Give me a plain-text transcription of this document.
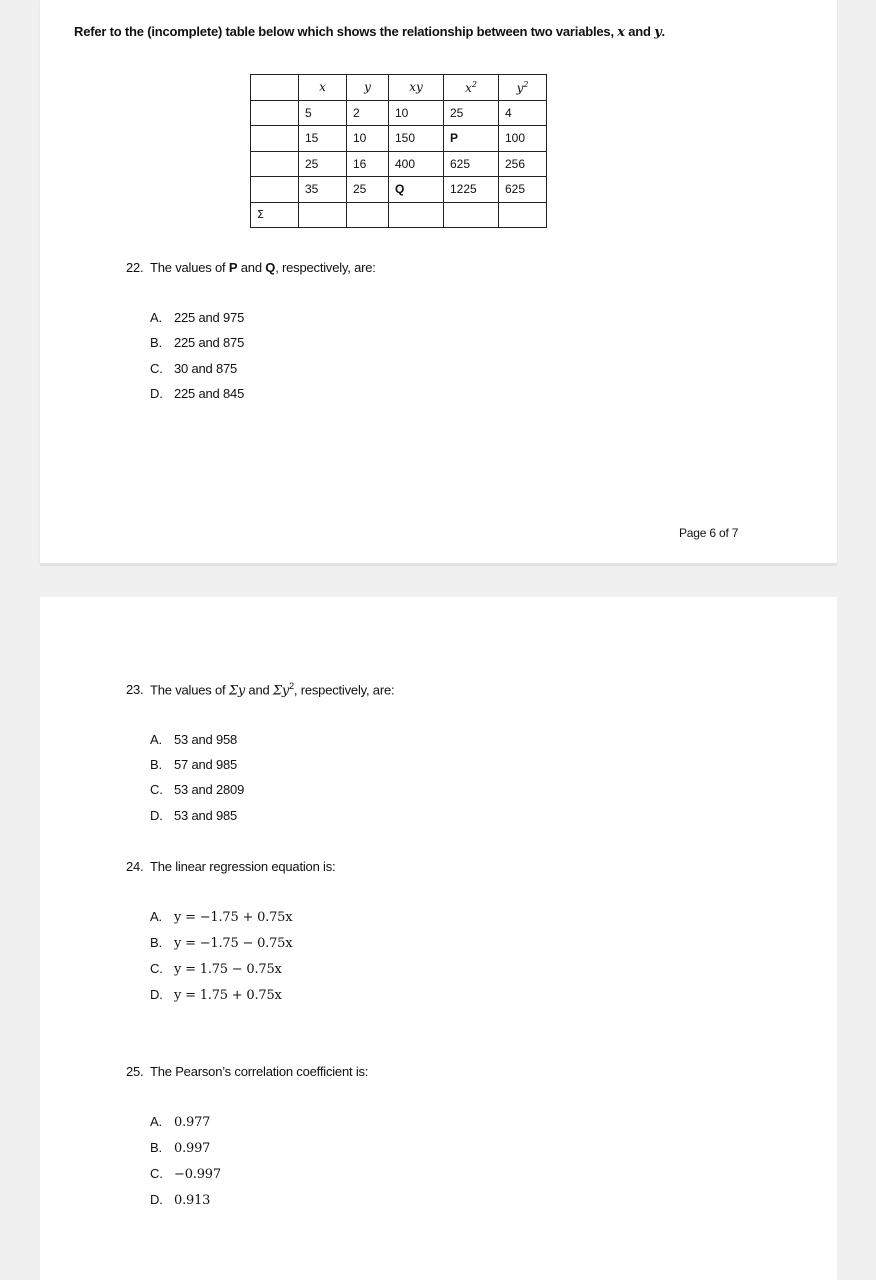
Refer to the (incomplete) table below which shows the relationship between two variables, x and y.
	x	y	xy	$x^2$	$y^2$
	5	2	10	25	4
	15	10	150	P	100
	25	16	400	625	256
	35	25	Q	1225	625
Σ					
22. The values of P and Q, respectively, are:
A. 225 and 975
B. 225 and 875
C. 30 and 875
D. 225 and 845
Page 6 of 7
23. The values of Σy and $\Sigma y^2$, respectively, are:
A. 53 and 958
B. 57 and 985
C. 53 and 2809
D. 53 and 985
24. The linear regression equation is:
A. y = −1.75 + 0.75x
B. y = −1.75 − 0.75x
C. y = 1.75 − 0.75x
D. y = 1.75 + 0.75x
25. The Pearson’s correlation coefficient is:
A. 0.977
B. 0.997
C. −0.997
D. 0.913
